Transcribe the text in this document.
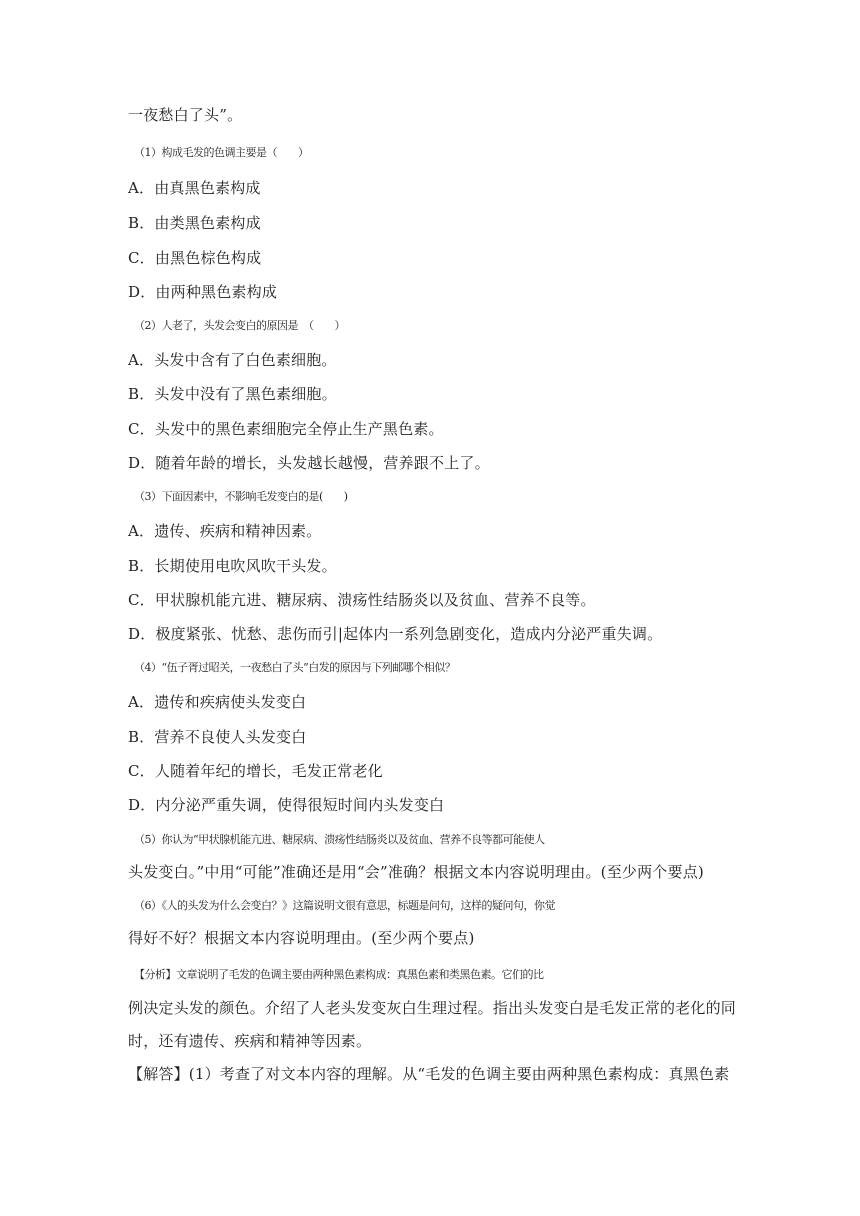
一夜愁白了头”。
（1）构成毛发的色调主要是（　　）
A．由真黑色素构成
B．由类黑色素构成
C．由黑色棕色构成
D．由两种黑色素构成
（2）人老了，头发会变白的原因是　（　　）
A．头发中含有了白色素细胞。
B．头发中没有了黑色素细胞。
C．头发中的黑色素细胞完全停止生产黑色素。
D．随着年龄的增长，头发越长越慢，营养跟不上了。
（3）下面因素中，不影响毛发变白的是(　　)
A．遗传、疾病和精神因素。
B．长期使用电吹风吹干头发。
C．甲状腺机能亢进、糖尿病、溃疡性结肠炎以及贫血、营养不良等。
D．极度紧张、忧愁、悲伤而引|起体内一系列急剧变化，造成内分泌严重失调。
（4）“伍子胥过昭关，一夜愁白了头”白发的原因与下列邮哪个相似？
A．遗传和疾病使头发变白
B．营养不良使人头发变白
C．人随着年纪的增长，毛发正常老化
D．内分泌严重失调，使得很短时间内头发变白
（5）你认为“甲状腺机能亢进、糖尿病、溃疡性结肠炎以及贫血、营养不良等都可能使人
头发变白。”中用“可能”准确还是用“会”准确？根据文本内容说明理由。(至少两个要点)
（6）《人的头发为什么会变白？》这篇说明文很有意思，标题是问句，这样的疑问句，你觉
得好不好？根据文本内容说明理由。(至少两个要点)
【分析】文章说明了毛发的色调主要由两种黑色素构成：真黑色素和类黑色素。它们的比
例决定头发的颜色。介绍了人老头发变灰白生理过程。指出头发变白是毛发正常的老化的同
时，还有遗传、疾病和精神等因素。
【解答】(1）考查了对文本内容的理解。从“毛发的色调主要由两种黑色素构成：真黑色素
